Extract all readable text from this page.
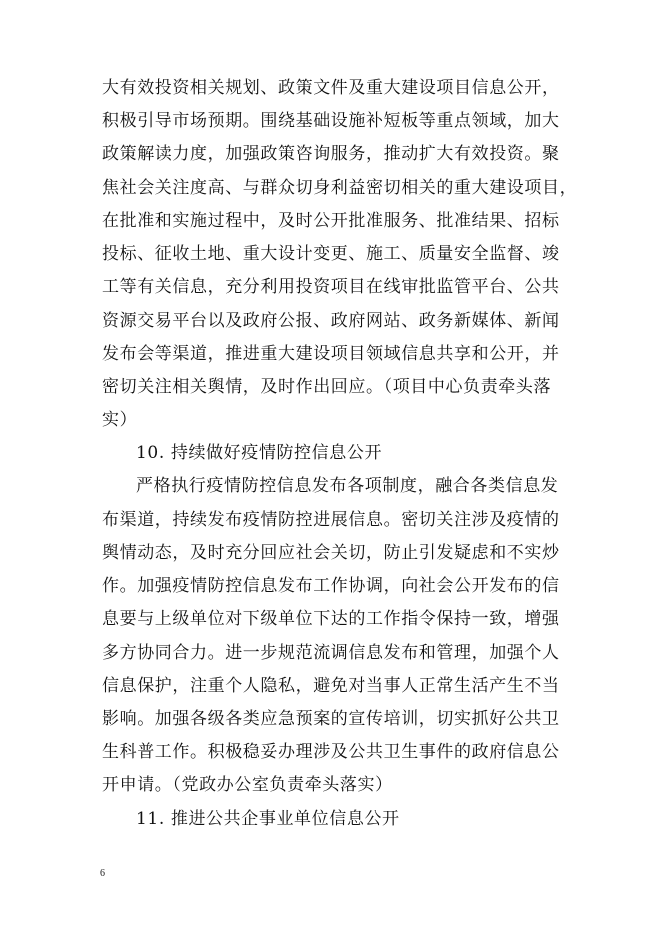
大有效投资相关规划、政策文件及重大建设项目信息公开，
积极引导市场预期。围绕基础设施补短板等重点领域，加大
政策解读力度，加强政策咨询服务，推动扩大有效投资。聚
焦社会关注度高、与群众切身利益密切相关的重大建设项目，
在批准和实施过程中，及时公开批准服务、批准结果、招标
投标、征收土地、重大设计变更、施工、质量安全监督、竣
工等有关信息，充分利用投资项目在线审批监管平台、公共
资源交易平台以及政府公报、政府网站、政务新媒体、新闻
发布会等渠道，推进重大建设项目领域信息共享和公开，并
密切关注相关舆情，及时作出回应。（项目中心负责牵头落
实）
10. 持续做好疫情防控信息公开
严格执行疫情防控信息发布各项制度，融合各类信息发
布渠道，持续发布疫情防控进展信息。密切关注涉及疫情的
舆情动态，及时充分回应社会关切，防止引发疑虑和不实炒
作。加强疫情防控信息发布工作协调，向社会公开发布的信
息要与上级单位对下级单位下达的工作指令保持一致，增强
多方协同合力。进一步规范流调信息发布和管理，加强个人
信息保护，注重个人隐私，避免对当事人正常生活产生不当
影响。加强各级各类应急预案的宣传培训，切实抓好公共卫
生科普工作。积极稳妥办理涉及公共卫生事件的政府信息公
开申请。（党政办公室负责牵头落实）
11. 推进公共企事业单位信息公开
6
